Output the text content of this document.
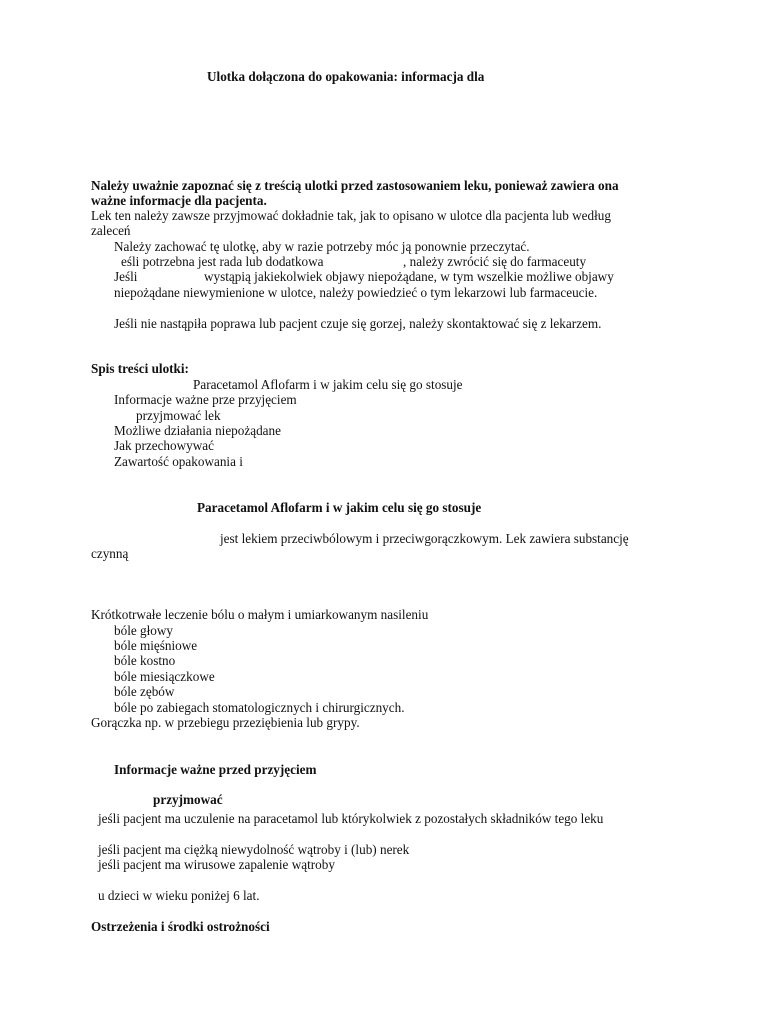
Ulotka dołączona do opakowania: informacja dla
Należy uważnie zapoznać się z treścią ulotki przed zastosowaniem leku, ponieważ zawiera ona
ważne informacje dla pacjenta.
Lek ten należy zawsze przyjmować dokładnie tak, jak to opisano w ulotce dla pacjenta lub według
zaleceń
Należy zachować tę ulotkę, aby w razie potrzeby móc ją ponownie przeczytać.
eśli potrzebna jest rada lub dodatkowa	, należy zwrócić się do farmaceuty
Jeśli	wystąpią jakiekolwiek objawy niepożądane, w tym wszelkie możliwe objawy
niepożądane niewymienione w ulotce, należy powiedzieć o tym lekarzowi lub farmaceucie.
Jeśli nie nastąpiła poprawa lub pacjent czuje się gorzej, należy skontaktować się z lekarzem.
Spis treści ulotki:
Paracetamol Aflofarm i w jakim celu się go stosuje
Informacje ważne prze przyjęciem
przyjmować lek
Możliwe działania niepożądane
Jak przechowywać
Zawartość opakowania i
Paracetamol Aflofarm i w jakim celu się go stosuje
jest lekiem przeciwbólowym i przeciwgorączkowym. Lek zawiera substancję
czynną
Krótkotrwałe leczenie bólu o małym i umiarkowanym nasileniu
bóle głowy
bóle mięśniowe
bóle kostno
bóle miesiączkowe
bóle zębów
bóle po zabiegach stomatologicznych i chirurgicznych.
Gorączka np. w przebiegu przeziębienia lub grypy.
Informacje ważne przed przyjęciem
przyjmować
jeśli pacjent ma uczulenie na paracetamol lub którykolwiek z pozostałych składników tego leku
jeśli pacjent ma ciężką niewydolność wątroby i (lub) nerek
jeśli pacjent ma wirusowe zapalenie wątroby
u dzieci w wieku poniżej 6 lat.
Ostrzeżenia i środki ostrożności
